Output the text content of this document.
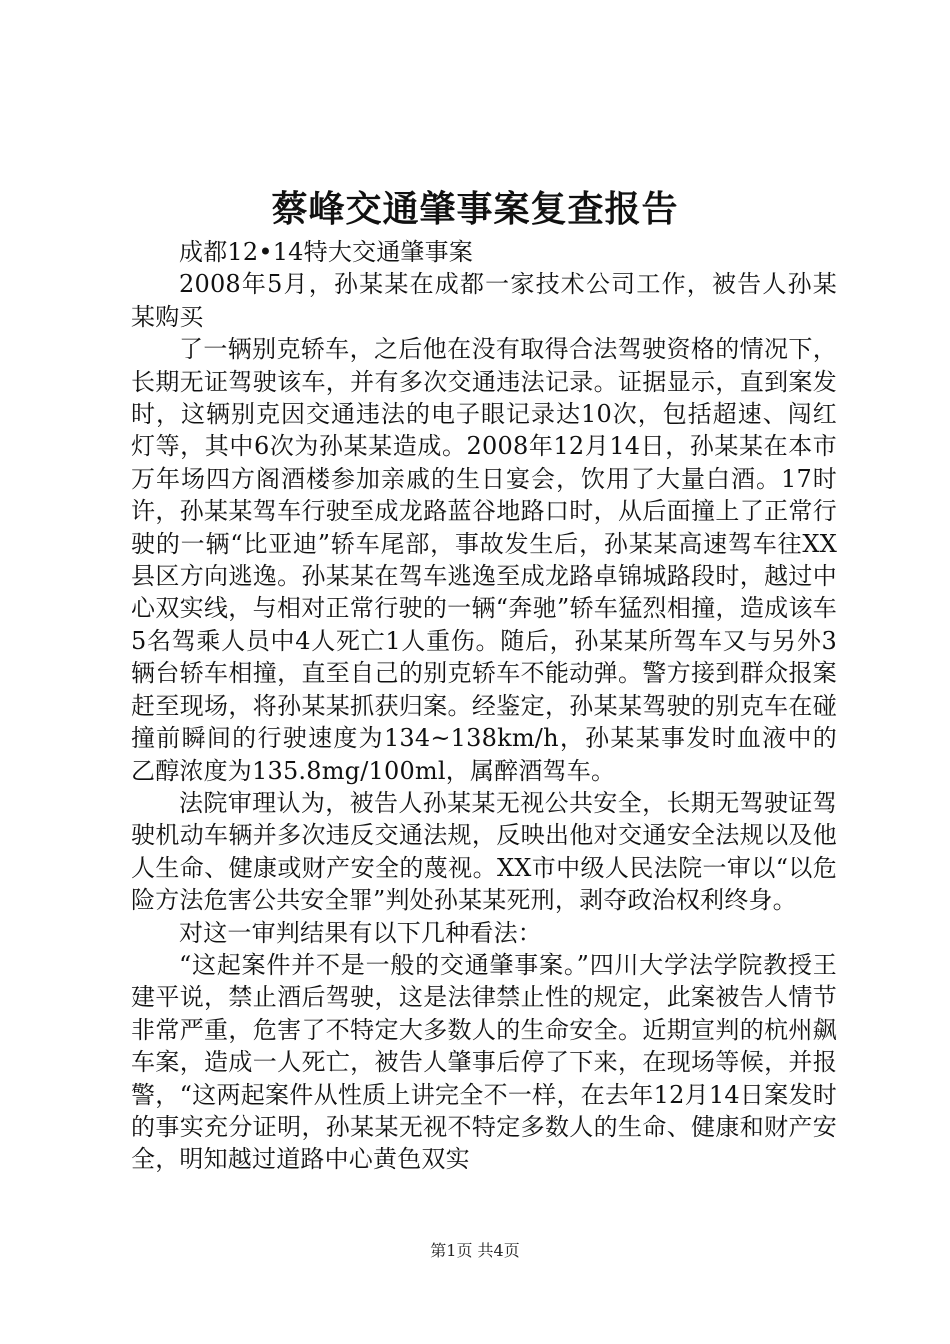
蔡峰交通肇事案复查报告

成都12•14特大交通肇事案

2008年5月，孙某某在成都一家技术公司工作，被告人孙某某购买

了一辆别克轿车，之后他在没有取得合法驾驶资格的情况下，长期无证驾驶该车，并有多次交通违法记录。证据显示，直到案发时，这辆别克因交通违法的电子眼记录达10次，包括超速、闯红灯等，其中6次为孙某某造成。2008年12月14日，孙某某在本市万年场四方阁酒楼参加亲戚的生日宴会，饮用了大量白酒。17时许，孙某某驾车行驶至成龙路蓝谷地路口时，从后面撞上了正常行驶的一辆“比亚迪”轿车尾部，事故发生后，孙某某高速驾车往XX县区方向逃逸。孙某某在驾车逃逸至成龙路卓锦城路段时，越过中心双实线，与相对正常行驶的一辆“奔驰”轿车猛烈相撞，造成该车5名驾乘人员中4人死亡1人重伤。随后，孙某某所驾车又与另外3辆台轿车相撞，直至自己的别克轿车不能动弹。警方接到群众报案赶至现场，将孙某某抓获归案。经鉴定，孙某某驾驶的别克车在碰撞前瞬间的行驶速度为134~138km/h，孙某某事发时血液中的乙醇浓度为135.8mg/100ml，属醉酒驾车。

法院审理认为，被告人孙某某无视公共安全，长期无驾驶证驾驶机动车辆并多次违反交通法规，反映出他对交通安全法规以及他人生命、健康或财产安全的蔑视。XX市中级人民法院一审以“以危险方法危害公共安全罪”判处孙某某死刑，剥夺政治权利终身。

对这一审判结果有以下几种看法：

“这起案件并不是一般的交通肇事案。”四川大学法学院教授王建平说，禁止酒后驾驶，这是法律禁止性的规定，此案被告人情节非常严重，危害了不特定大多数人的生命安全。近期宣判的杭州飙车案，造成一人死亡，被告人肇事后停了下来，在现场等候，并报警，“这两起案件从性质上讲完全不一样，在去年12月14日案发时的事实充分证明，孙某某无视不特定多数人的生命、健康和财产安全，明知越过道路中心黄色双实

第1页 共4页
